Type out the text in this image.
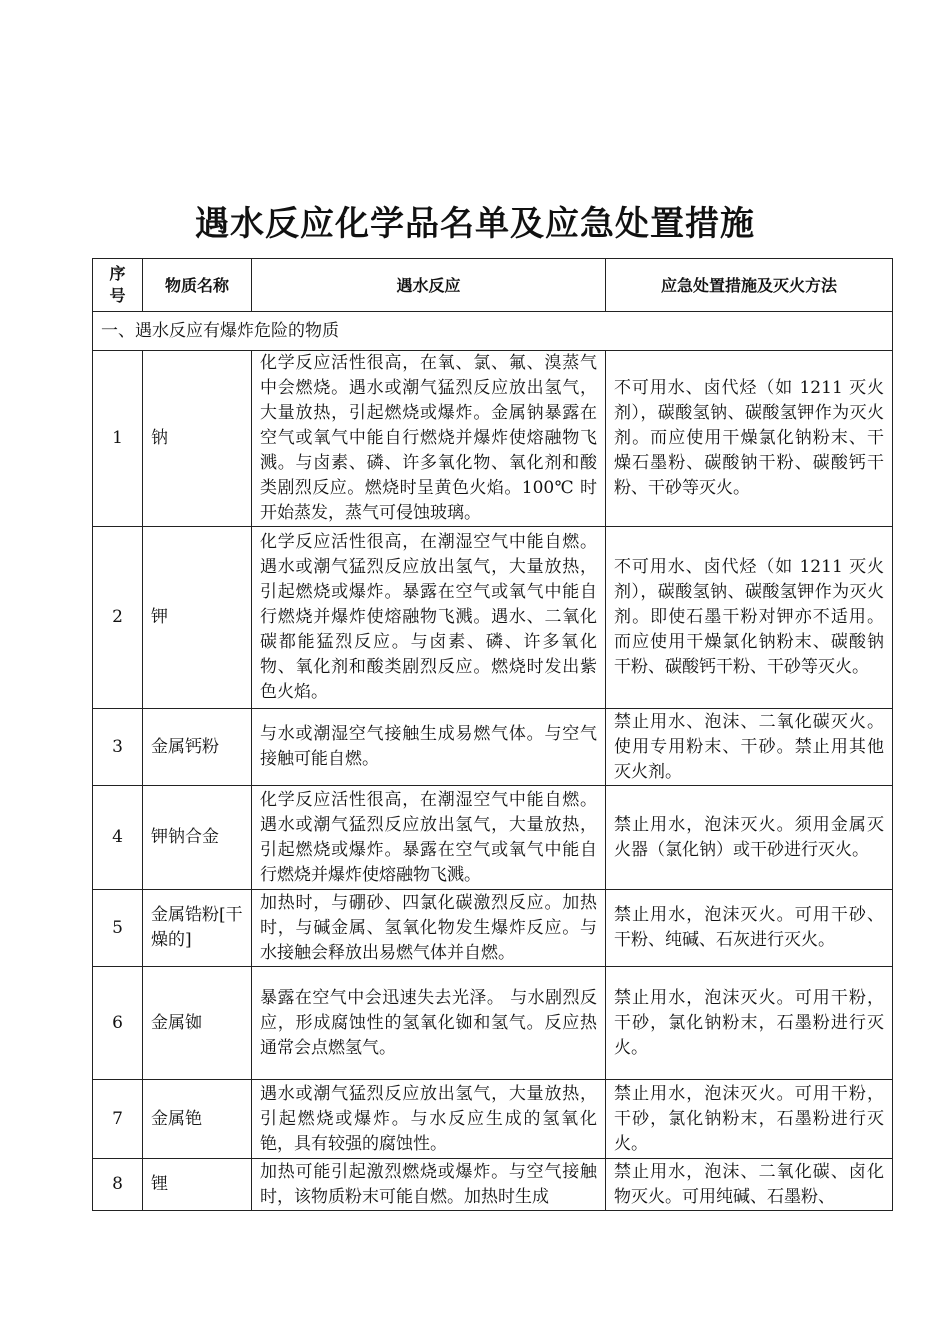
遇水反应化学品名单及应急处置措施
序号	物质名称	遇水反应	应急处置措施及灭火方法
一、遇水反应有爆炸危险的物质			
1	钠	化学反应活性很高，在氧、氯、氟、溴蒸气中会燃烧。遇水或潮气猛烈反应放出氢气，大量放热，引起燃烧或爆炸。金属钠暴露在空气或氧气中能自行燃烧并爆炸使熔融物飞溅。与卤素、磷、许多氧化物、氧化剂和酸类剧烈反应。燃烧时呈黄色火焰。100℃ 时开始蒸发，蒸气可侵蚀玻璃。	不可用水、卤代烃（如 1211 灭火剂），碳酸氢钠、碳酸氢钾作为灭火剂。而应使用干燥氯化钠粉末、干燥石墨粉、碳酸钠干粉、碳酸钙干粉、干砂等灭火。
2	钾	化学反应活性很高，在潮湿空气中能自燃。遇水或潮气猛烈反应放出氢气，大量放热，引起燃烧或爆炸。暴露在空气或氧气中能自行燃烧并爆炸使熔融物飞溅。遇水、二氧化碳都能猛烈反应。与卤素、磷、许多氧化物、氧化剂和酸类剧烈反应。燃烧时发出紫色火焰。	不可用水、卤代烃（如 1211 灭火剂），碳酸氢钠、碳酸氢钾作为灭火剂。即使石墨干粉对钾亦不适用。而应使用干燥氯化钠粉末、碳酸钠干粉、碳酸钙干粉、干砂等灭火。
3	金属钙粉	与水或潮湿空气接触生成易燃气体。与空气接触可能自燃。	禁止用水、泡沫、二氧化碳灭火。使用专用粉末、干砂。禁止用其他灭火剂。
4	钾钠合金	化学反应活性很高，在潮湿空气中能自燃。遇水或潮气猛烈反应放出氢气，大量放热，引起燃烧或爆炸。暴露在空气或氧气中能自行燃烧并爆炸使熔融物飞溅。	禁止用水，泡沫灭火。须用金属灭火器（氯化钠）或干砂进行灭火。
5	金属锆粉[干燥的]	加热时，与硼砂、四氯化碳激烈反应。加热时，与碱金属、氢氧化物发生爆炸反应。与水接触会释放出易燃气体并自燃。	禁止用水，泡沫灭火。可用干砂、干粉、纯碱、石灰进行灭火。
6	金属铷	暴露在空气中会迅速失去光泽。 与水剧烈反应，形成腐蚀性的氢氧化铷和氢气。反应热通常会点燃氢气。	禁止用水，泡沫灭火。可用干粉，干砂，氯化钠粉末，石墨粉进行灭火。
7	金属铯	遇水或潮气猛烈反应放出氢气，大量放热，引起燃烧或爆炸。与水反应生成的氢氧化铯，具有较强的腐蚀性。	禁止用水，泡沫灭火。可用干粉，干砂，氯化钠粉末，石墨粉进行灭火。
8	锂	加热可能引起激烈燃烧或爆炸。与空气接触时，该物质粉末可能自燃。加热时生成	禁止用水，泡沫、二氧化碳、卤化物灭火。可用纯碱、石墨粉、
